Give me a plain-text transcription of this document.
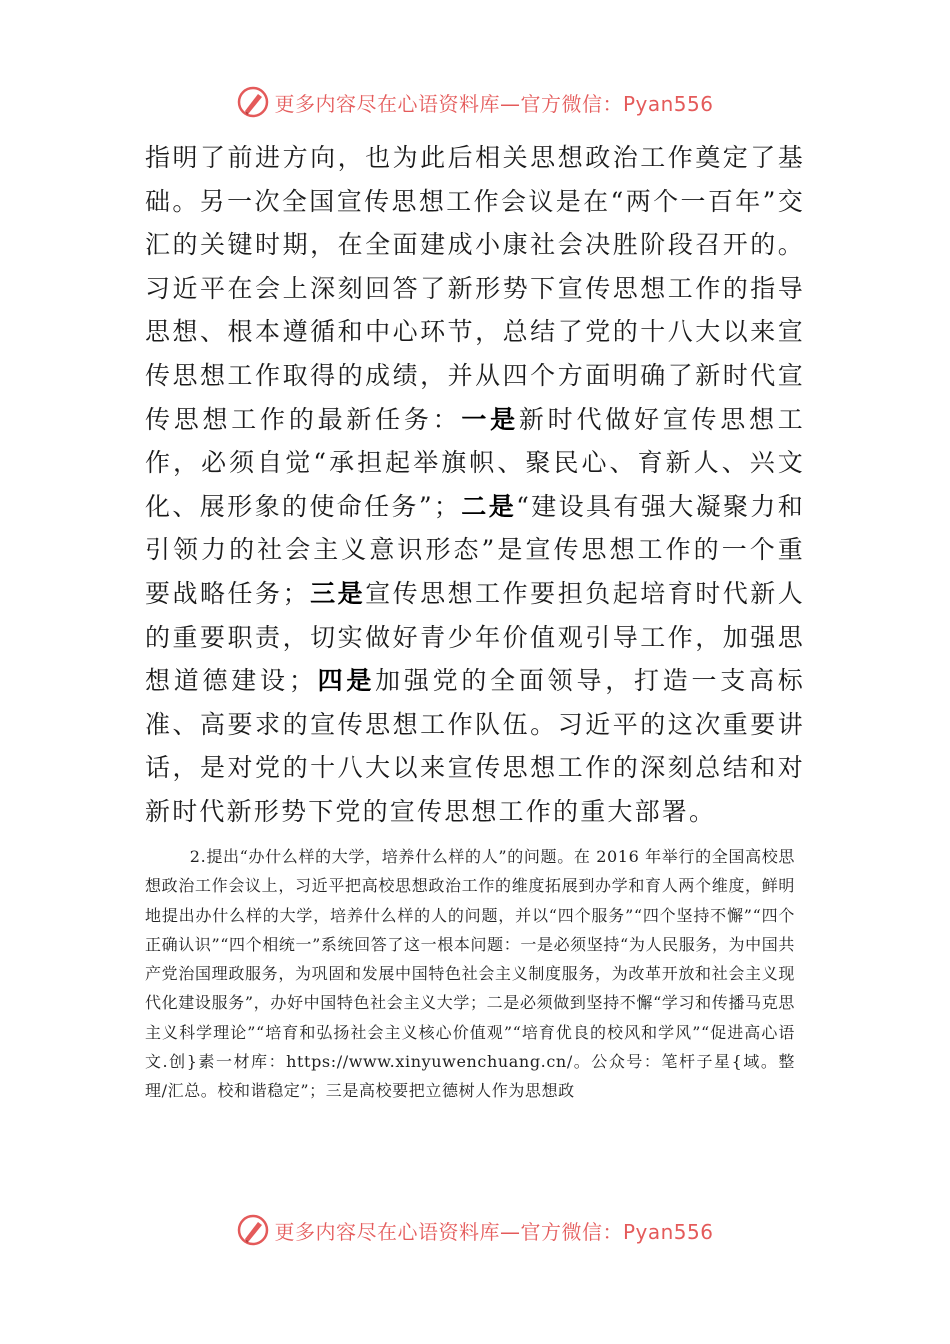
更多内容尽在心语资料库—官方微信：Pyan556

指明了前进方向，也为此后相关思想政治工作奠定了基础。另一次全国宣传思想工作会议是在“两个一百年”交汇的关键时期，在全面建成小康社会决胜阶段召开的。习近平在会上深刻回答了新形势下宣传思想工作的指导思想、根本遵循和中心环节，总结了党的十八大以来宣传思想工作取得的成绩，并从四个方面明确了新时代宣传思想工作的最新任务：一是新时代做好宣传思想工作，必须自觉“承担起举旗帜、聚民心、育新人、兴文化、展形象的使命任务”；二是“建设具有强大凝聚力和引领力的社会主义意识形态”是宣传思想工作的一个重要战略任务；三是宣传思想工作要担负起培育时代新人的重要职责，切实做好青少年价值观引导工作，加强思想道德建设；四是加强党的全面领导，打造一支高标准、高要求的宣传思想工作队伍。习近平的这次重要讲话，是对党的十八大以来宣传思想工作的深刻总结和对新时代新形势下党的宣传思想工作的重大部署。

2.提出“办什么样的大学，培养什么样的人”的问题。在 2016 年举行的全国高校思想政治工作会议上，习近平把高校思想政治工作的维度拓展到办学和育人两个维度，鲜明地提出办什么样的大学，培养什么样的人的问题，并以“四个服务”“四个坚持不懈”“四个正确认识”“四个相统一”系统回答了这一根本问题：一是必须坚持“为人民服务，为中国共产党治国理政服务，为巩固和发展中国特色社会主义制度服务，为改革开放和社会主义现代化建设服务”，办好中国特色社会主义大学；二是必须做到坚持不懈“学习和传播马克思主义科学理论”“培育和弘扬社会主义核心价值观”“培育优良的校风和学风”“促进高心语文.创}素一材库：https://www.xinyuwenchuang.cn/。公众号：笔杆子星{域。整理/汇总。校和谐稳定”；三是高校要把立德树人作为思想政

更多内容尽在心语资料库—官方微信：Pyan556
